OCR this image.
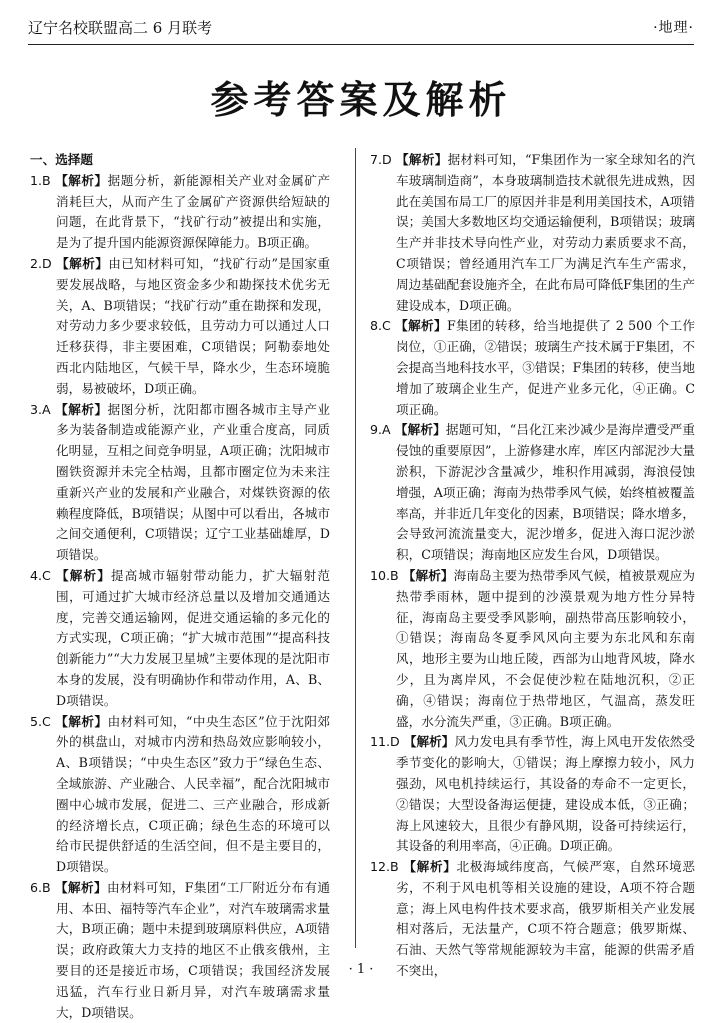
辽宁名校联盟高二 6 月联考	·地理·
参考答案及解析
一、选择题

1.B 【解析】据题分析，新能源相关产业对金属矿产消耗巨大，从而产生了金属矿产资源供给短缺的问题，在此背景下，“找矿行动”被提出和实施，是为了提升国内能源资源保障能力。B项正确。

2.D 【解析】由已知材料可知，“找矿行动”是国家重要发展战略，与地区资金多少和勘探技术优劣无关，A、B项错误；“找矿行动”重在勘探和发现，对劳动力多少要求较低，且劳动力可以通过人口迁移获得，非主要困难，C项错误；阿勒泰地处西北内陆地区，气候干旱，降水少，生态环境脆弱，易被破坏，D项正确。

3.A 【解析】据图分析，沈阳都市圈各城市主导产业多为装备制造或能源产业，产业重合度高，同质化明显，互相之间竞争明显，A项正确；沈阳城市圈铁资源并未完全枯竭，且都市圈定位为未来注重新兴产业的发展和产业融合，对煤铁资源的依赖程度降低，B项错误；从图中可以看出，各城市之间交通便利，C项错误；辽宁工业基础雄厚，D项错误。

4.C 【解析】提高城市辐射带动能力，扩大辐射范围，可通过扩大城市经济总量以及增加交通通达度，完善交通运输网，促进交通运输的多元化的方式实现，C项正确；“扩大城市范围”“提高科技创新能力”“大力发展卫星城”主要体现的是沈阳市本身的发展，没有明确协作和带动作用，A、B、D项错误。

5.C 【解析】由材料可知，“中央生态区”位于沈阳郊外的棋盘山，对城市内涝和热岛效应影响较小，A、B项错误；“中央生态区”致力于“绿色生态、全域旅游、产业融合、人民幸福”，配合沈阳城市圈中心城市发展，促进二、三产业融合，形成新的经济增长点，C项正确；绿色生态的环境可以给市民提供舒适的生活空间，但不是主要目的，D项错误。

6.B 【解析】由材料可知，F集团“工厂附近分布有通用、本田、福特等汽车企业”，对汽车玻璃需求量大，B项正确；题中未提到玻璃原料供应，A项错误；政府政策大力支持的地区不止俄亥俄州，主要目的还是接近市场，C项错误；我国经济发展迅猛，汽车行业日新月异，对汽车玻璃需求量大，D项错误。

7.D 【解析】据材料可知，“F集团作为一家全球知名的汽车玻璃制造商”，本身玻璃制造技术就很先进成熟，因此在美国布局工厂的原因并非是利用美国技术，A项错误；美国大多数地区均交通运输便利，B项错误；玻璃生产并非技术导向性产业，对劳动力素质要求不高，C项错误；曾经通用汽车工厂为满足汽车生产需求，周边基础配套设施齐全，在此布局可降低F集团的生产建设成本，D项正确。

8.C 【解析】F集团的转移，给当地提供了 2 500 个工作岗位，①正确，②错误；玻璃生产技术属于F集团，不会提高当地科技水平，③错误；F集团的转移，使当地增加了玻璃企业生产，促进产业多元化，④正确。C项正确。

9.A 【解析】据题可知，“吕化江来沙减少是海岸遭受严重侵蚀的重要原因”，上游修建水库，库区内部泥沙大量淤积，下游泥沙含量减少，堆积作用减弱，海浪侵蚀增强，A项正确；海南为热带季风气候，始终植被覆盖率高，并非近几年变化的因素，B项错误；降水增多，会导致河流流量变大，泥沙增多，促进入海口泥沙淤积，C项错误；海南地区应发生台风，D项错误。

10.B 【解析】海南岛主要为热带季风气候，植被景观应为热带季雨林，题中提到的沙漠景观为地方性分异特征，海南岛主要受季风影响，副热带高压影响较小，①错误；海南岛冬夏季风风向主要为东北风和东南风，地形主要为山地丘陵，西部为山地背风坡，降水少，且为离岸风，不会促使沙粒在陆地沉积，②正确，④错误；海南位于热带地区，气温高，蒸发旺盛，水分流失严重，③正确。B项正确。

11.D 【解析】风力发电具有季节性，海上风电开发依然受季节变化的影响大，①错误；海上摩擦力较小，风力强劲，风电机持续运行，其设备的寿命不一定更长，②错误；大型设备海运便捷，建设成本低，③正确；海上风速较大，且很少有静风期，设备可持续运行，其设备的利用率高，④正确。D项正确。

12.B 【解析】北极海域纬度高，气候严寒，自然环境恶劣，不利于风电机等相关设施的建设，A项不符合题意；海上风电构件技术要求高，俄罗斯相关产业发展相对落后，无法量产，C项不符合题意；俄罗斯煤、石油、天然气等常规能源较为丰富，能源的供需矛盾不突出，

· 1 ·
